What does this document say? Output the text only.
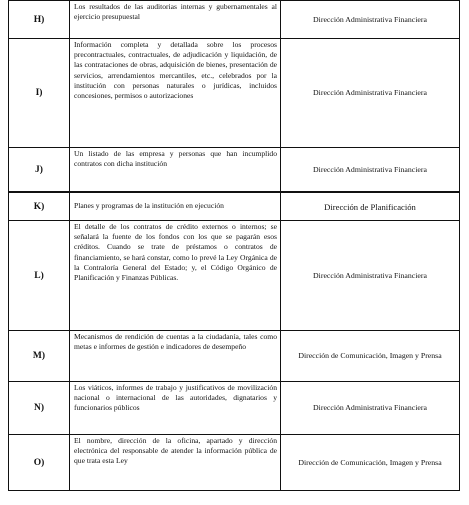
H)	Los resultados de las auditorias internas y gubernamentales al ejercicio presupuestal	Dirección Administrativa Financiera
I)	Información completa y detallada sobre los procesos precontractuales, contractuales, de adjudicación y liquidación, de las contrataciones de obras, adquisición de bienes, presentación de servicios, arrendamientos mercantiles, etc., celebrados por la institución con personas naturales o jurídicas, incluidos concesiones, permisos o autorizaciones	Dirección Administrativa Financiera
J)	Un listado de las empresa y personas que han incumplido contratos con dicha institución	Dirección Administrativa Financiera
K)	Planes y programas de la institución en ejecución	Dirección de Planificación
L)	El detalle de los contratos de crédito externos o internos; se señalará la fuente de los fondos con los que se pagarán esos créditos. Cuando se trate de préstamos o contratos de financiamiento, se hará constar, como lo prevé la Ley Orgánica de la Contraloría General del Estado; y, el Código Orgánico de Planificación y Finanzas Públicas.	Dirección Administrativa Financiera
M)	Mecanismos de rendición de cuentas a la ciudadanía, tales como metas e informes de gestión e indicadores de desempeño	Dirección de Comunicación, Imagen y Prensa
N)	Los viáticos, informes de trabajo y justificativos de movilización nacional o internacional de las autoridades, dignatarios y funcionarios públicos	Dirección Administrativa Financiera
O)	El nombre, dirección de la oficina, apartado y dirección electrónica del responsable de atender la información pública de que trata esta Ley	Dirección de Comunicación, Imagen y Prensa
